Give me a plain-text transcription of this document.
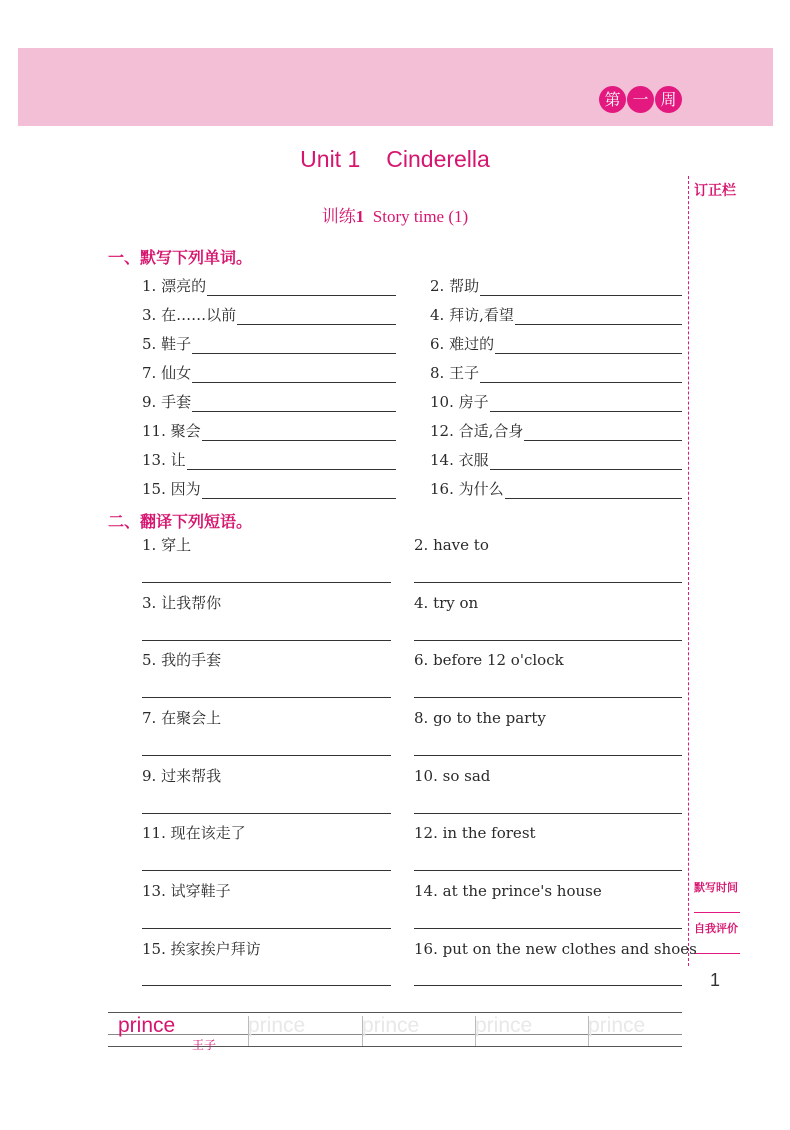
第 一 周
Unit 1 Cinderella
训练1 Story time (1)
订正栏
默写时间
自我评价
一、默写下列单词。
1. 漂亮的	2. 帮助
3. 在……以前	4. 拜访,看望
5. 鞋子	6. 难过的
7. 仙女	8. 王子
9. 手套	10. 房子
11. 聚会	12. 合适,合身
13. 让	14. 衣服
15. 因为	16. 为什么
二、翻译下列短语。
1. 穿上	2. have to
3. 让我帮你	4. try on
5. 我的手套	6. before 12 o'clock
7. 在聚会上	8. go to the party
9. 过来帮我	10. so sad
11. 现在该走了	12. in the forest
13. 试穿鞋子	14. at the prince's house
15. 挨家挨户拜访	16. put on the new clothes and shoes
1
prince
王子
prince	prince	prince	prince
